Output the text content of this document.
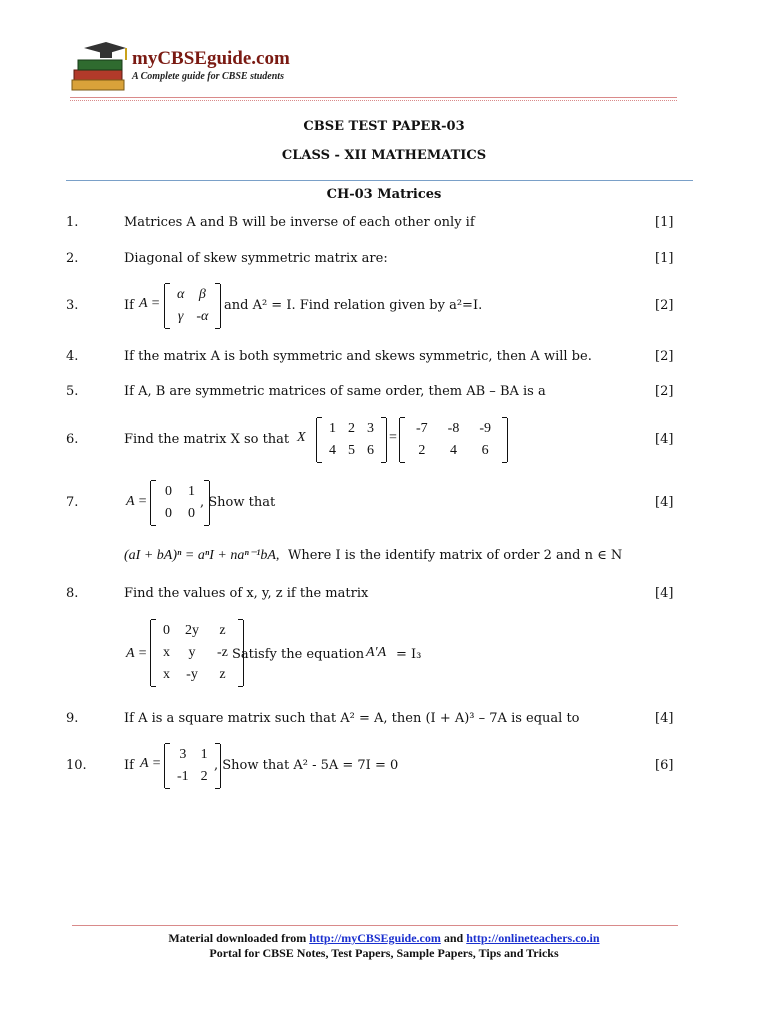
myCBSEguide.com
A Complete guide for CBSE students
CBSE TEST PAPER-03
CLASS - XII MATHEMATICS
CH-03 Matrices
1.	Matrices A and B will be inverse of each other only if	[1]
2.	Diagonal of skew symmetric matrix are:	[1]
3.	If A =
α	β
γ	-α
and A² = I. Find relation given by a²=I.	[2]
4.	If the matrix A is both symmetric and skews symmetric, then A will be.	[2]
5.	If A, B are symmetric matrices of same order, them AB – BA is a	[2]
6.	Find the matrix X so that X
1	2	3
4	5	6
=
-7	-8	-9
2	4	6
[4]
7.	A =
0	1
0	0
, Show that	[4]
(aI + bA)ⁿ = aⁿI + naⁿ⁻¹bA, Where I is the identify matrix of order 2 and n ∈ N
8.	Find the values of x, y, z if the matrix	[4]
A =
0	2y	z
x	y	-z
x	-y	z
Satisfy the equation A′A = I₃
9.	If A is a square matrix such that A² = A, then (I + A)³ – 7A is equal to	[4]
10.	If A =
3	1
-1	2
, Show that A² - 5A = 7I = 0	[6]
Material downloaded from http://myCBSEguide.com and http://onlineteachers.co.in
Portal for CBSE Notes, Test Papers, Sample Papers, Tips and Tricks
